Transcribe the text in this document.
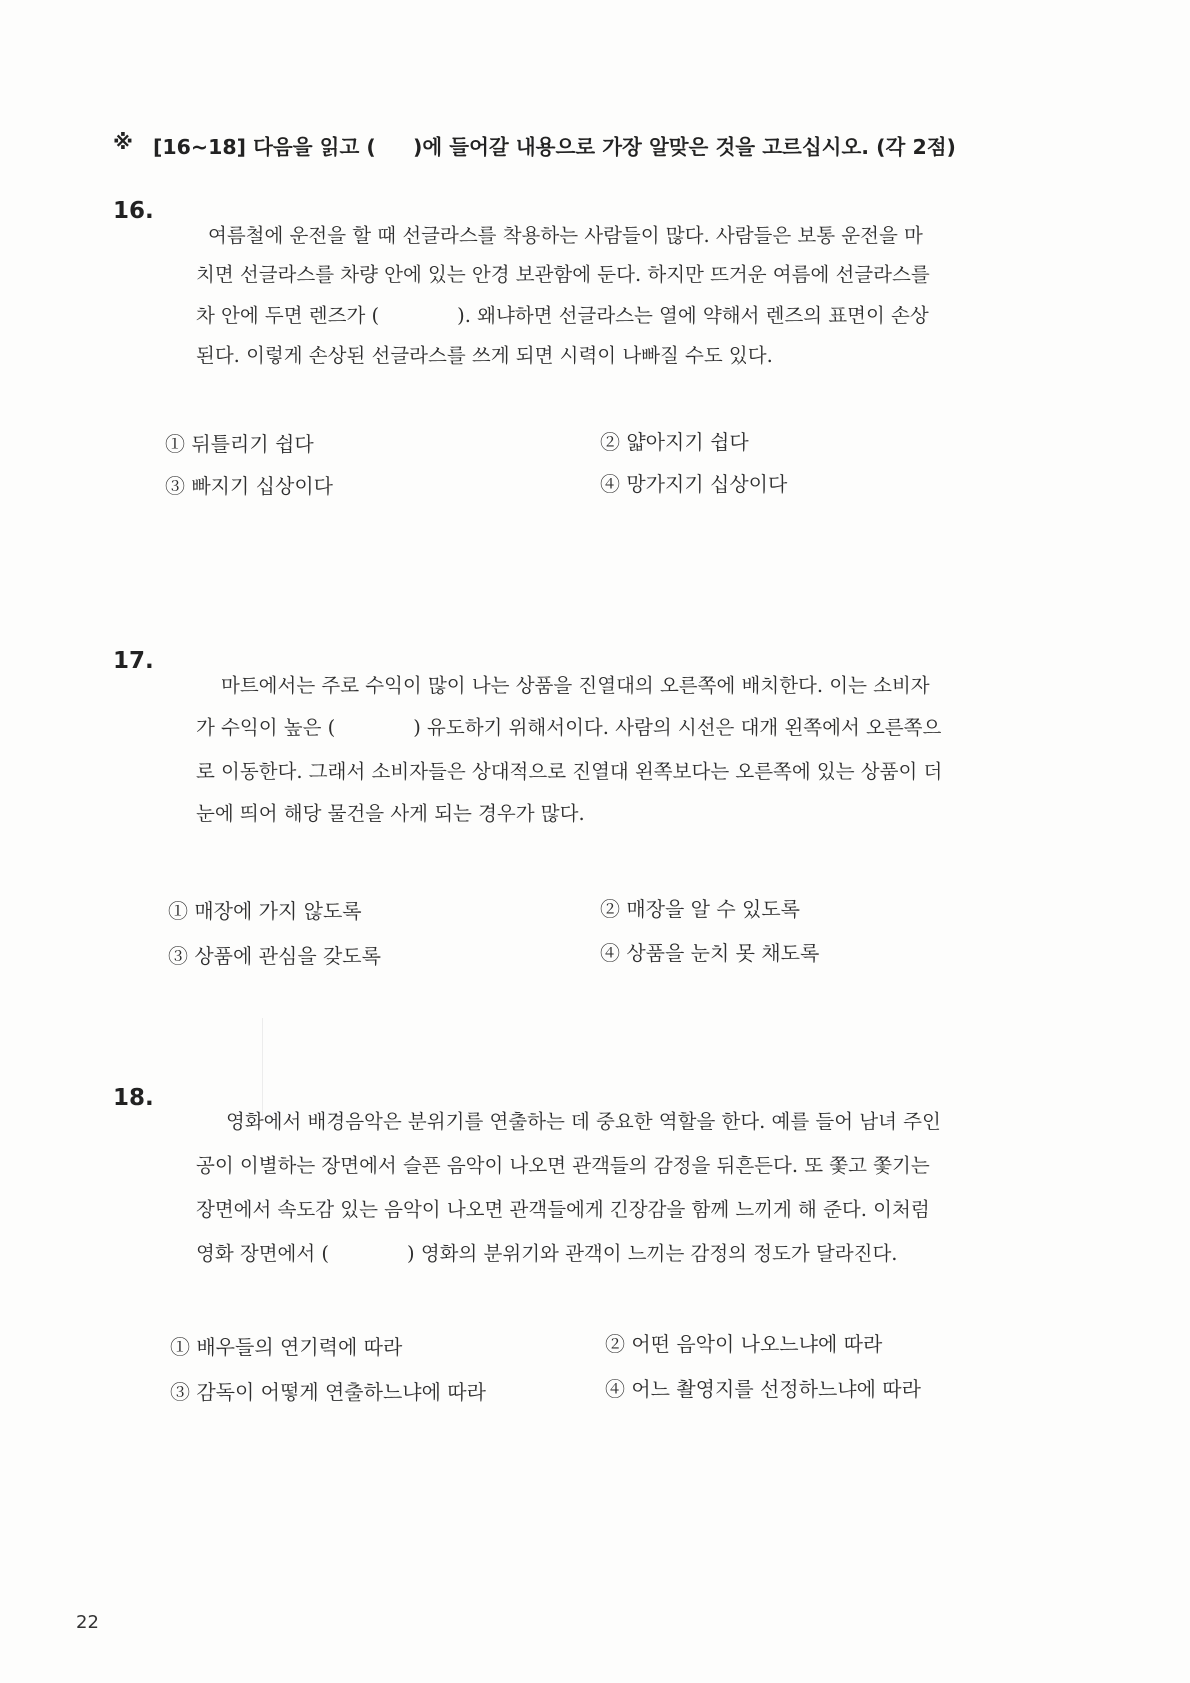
※ [16~18] 다음을 읽고 ( )에 들어갈 내용으로 가장 알맞은 것을 고르십시오. (각 2점)
16.
여름철에 운전을 할 때 선글라스를 착용하는 사람들이 많다. 사람들은 보통 운전을 마
치면 선글라스를 차량 안에 있는 안경 보관함에 둔다. 하지만 뜨거운 여름에 선글라스를
차 안에 두면 렌즈가 (　　　　). 왜냐하면 선글라스는 열에 약해서 렌즈의 표면이 손상
된다. 이렇게 손상된 선글라스를 쓰게 되면 시력이 나빠질 수도 있다.
① 뒤틀리기 쉽다	② 얇아지기 쉽다
③ 빠지기 십상이다	④ 망가지기 십상이다
17.
마트에서는 주로 수익이 많이 나는 상품을 진열대의 오른쪽에 배치한다. 이는 소비자
가 수익이 높은 (　　　　) 유도하기 위해서이다. 사람의 시선은 대개 왼쪽에서 오른쪽으
로 이동한다. 그래서 소비자들은 상대적으로 진열대 왼쪽보다는 오른쪽에 있는 상품이 더
눈에 띄어 해당 물건을 사게 되는 경우가 많다.
① 매장에 가지 않도록	② 매장을 알 수 있도록
③ 상품에 관심을 갖도록	④ 상품을 눈치 못 채도록
18.
영화에서 배경음악은 분위기를 연출하는 데 중요한 역할을 한다. 예를 들어 남녀 주인
공이 이별하는 장면에서 슬픈 음악이 나오면 관객들의 감정을 뒤흔든다. 또 쫓고 쫓기는
장면에서 속도감 있는 음악이 나오면 관객들에게 긴장감을 함께 느끼게 해 준다. 이처럼
영화 장면에서 (　　　　) 영화의 분위기와 관객이 느끼는 감정의 정도가 달라진다.
① 배우들의 연기력에 따라	② 어떤 음악이 나오느냐에 따라
③ 감독이 어떻게 연출하느냐에 따라	④ 어느 촬영지를 선정하느냐에 따라
22
